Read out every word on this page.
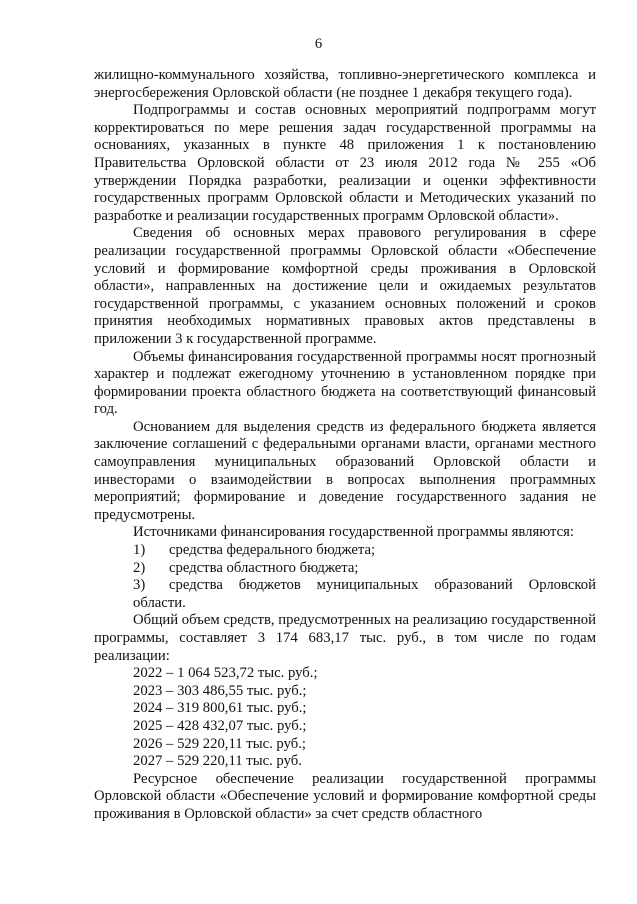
6

жилищно-коммунального хозяйства, топливно-энергетического комплекса и энергосбережения Орловской области (не позднее 1 декабря текущего года).

Подпрограммы и состав основных мероприятий подпрограмм могут корректироваться по мере решения задач государственной программы на основаниях, указанных в пункте 48 приложения 1 к постановлению Правительства Орловской области от 23 июля 2012 года № 255 «Об утверждении Порядка разработки, реализации и оценки эффективности государственных программ Орловской области и Методических указаний по разработке и реализации государственных программ Орловской области».

Сведения об основных мерах правового регулирования в сфере реализации государственной программы Орловской области «Обеспечение условий и формирование комфортной среды проживания в Орловской области», направленных на достижение цели и ожидаемых результатов государственной программы, с указанием основных положений и сроков принятия необходимых нормативных правовых актов представлены в приложении 3 к государственной программе.

Объемы финансирования государственной программы носят прогнозный характер и подлежат ежегодному уточнению в установленном порядке при формировании проекта областного бюджета на соответствующий финансовый год.

Основанием для выделения средств из федерального бюджета является заключение соглашений с федеральными органами власти, органами местного самоуправления муниципальных образований Орловской области и инвесторами о взаимодействии в вопросах выполнения программных мероприятий; формирование и доведение государственного задания не предусмотрены.

Источниками финансирования государственной программы являются:

1) средства федерального бюджета;

2) средства областного бюджета;

3) средства бюджетов муниципальных образований Орловской области.

Общий объем средств, предусмотренных на реализацию государственной программы, составляет 3 174 683,17 тыс. руб., в том числе по годам реализации:

2022 – 1 064 523,72 тыс. руб.;

2023 – 303 486,55 тыс. руб.;

2024 – 319 800,61 тыс. руб.;

2025 – 428 432,07 тыс. руб.;

2026 – 529 220,11 тыс. руб.;

2027 – 529 220,11 тыс. руб.

Ресурсное обеспечение реализации государственной программы Орловской области «Обеспечение условий и формирование комфортной среды проживания в Орловской области» за счет средств областного
